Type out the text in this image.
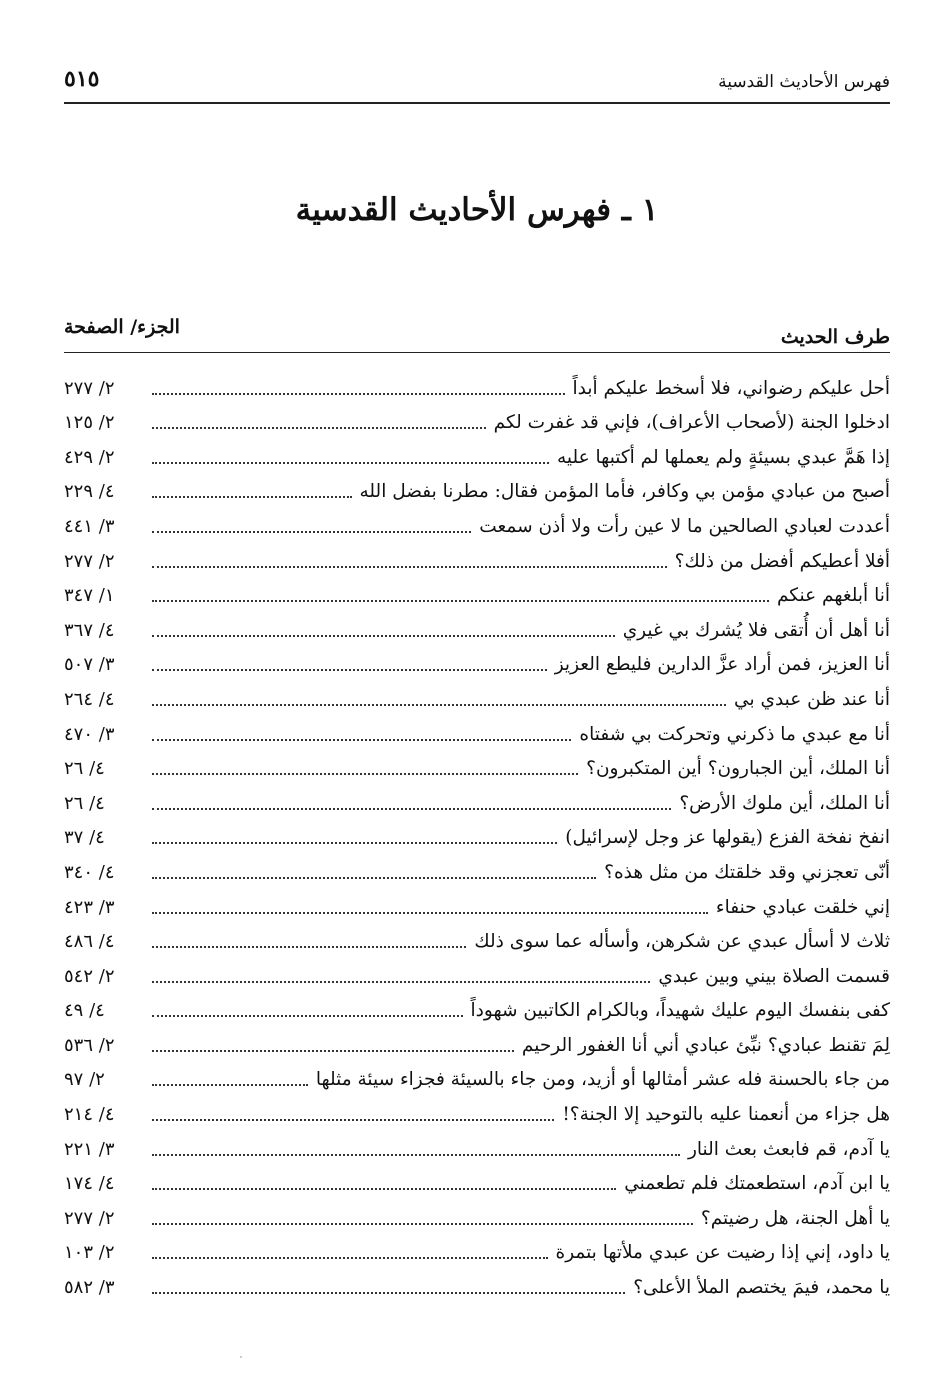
فهرس الأحاديث القدسية
٥١٥
١ ـ فهرس الأحاديث القدسية
طرف الحديث
الجزء/ الصفحة
أحل عليكم رضواني، فلا أسخط عليكم أبداً
٢/ ٢٧٧
ادخلوا الجنة (لأصحاب الأعراف)، فإني قد غفرت لكم
٢/ ١٢٥
إذا هَمَّ عبدي بسيئةٍ ولم يعملها لم أكتبها عليه
٢/ ٤٢٩
أصبح من عبادي مؤمن بي وكافر، فأما المؤمن فقال: مطرنا بفضل الله
٤/ ٢٢٩
أعددت لعبادي الصالحين ما لا عين رأت ولا أذن سمعت
٣/ ٤٤١
أفلا أعطيكم أفضل من ذلك؟
٢/ ٢٧٧
أنا أبلغهم عنكم
١/ ٣٤٧
أنا أهل أن أُتقى فلا يُشرك بي غيري
٤/ ٣٦٧
أنا العزيز، فمن أراد عزَّ الدارين فليطع العزيز
٣/ ٥٠٧
أنا عند ظن عبدي بي
٤/ ٢٦٤
أنا مع عبدي ما ذكرني وتحركت بي شفتاه
٣/ ٤٧٠
أنا الملك، أين الجبارون؟ أين المتكبرون؟
٤/ ٢٦
أنا الملك، أين ملوك الأرض؟
٤/ ٢٦
انفخ نفخة الفزع (يقولها عز وجل لإسرائيل)
٤/ ٣٧
أنّى تعجزني وقد خلقتك من مثل هذه؟
٤/ ٣٤٠
إني خلقت عبادي حنفاء
٣/ ٤٢٣
ثلاث لا أسأل عبدي عن شكرهن، وأسأله عما سوى ذلك
٤/ ٤٨٦
قسمت الصلاة بيني وبين عبدي
٢/ ٥٤٢
كفى بنفسك اليوم عليك شهيداً، وبالكرام الكاتبين شهوداً
٤/ ٤٩
لِمَ تقنط عبادي؟ نبِّئ عبادي أني أنا الغفور الرحيم
٢/ ٥٣٦
من جاء بالحسنة فله عشر أمثالها أو أزيد، ومن جاء بالسيئة فجزاء سيئة مثلها
٢/ ٩٧
هل جزاء من أنعمنا عليه بالتوحيد إلا الجنة؟!
٤/ ٢١٤
يا آدم، قم فابعث بعث النار
٣/ ٢٢١
يا ابن آدم، استطعمتك فلم تطعمني
٤/ ١٧٤
يا أهل الجنة، هل رضيتم؟
٢/ ٢٧٧
يا داود، إني إذا رضيت عن عبدي ملأتها بتمرة
٢/ ١٠٣
يا محمد، فيمَ يختصم الملأ الأعلى؟
٣/ ٥٨٢
